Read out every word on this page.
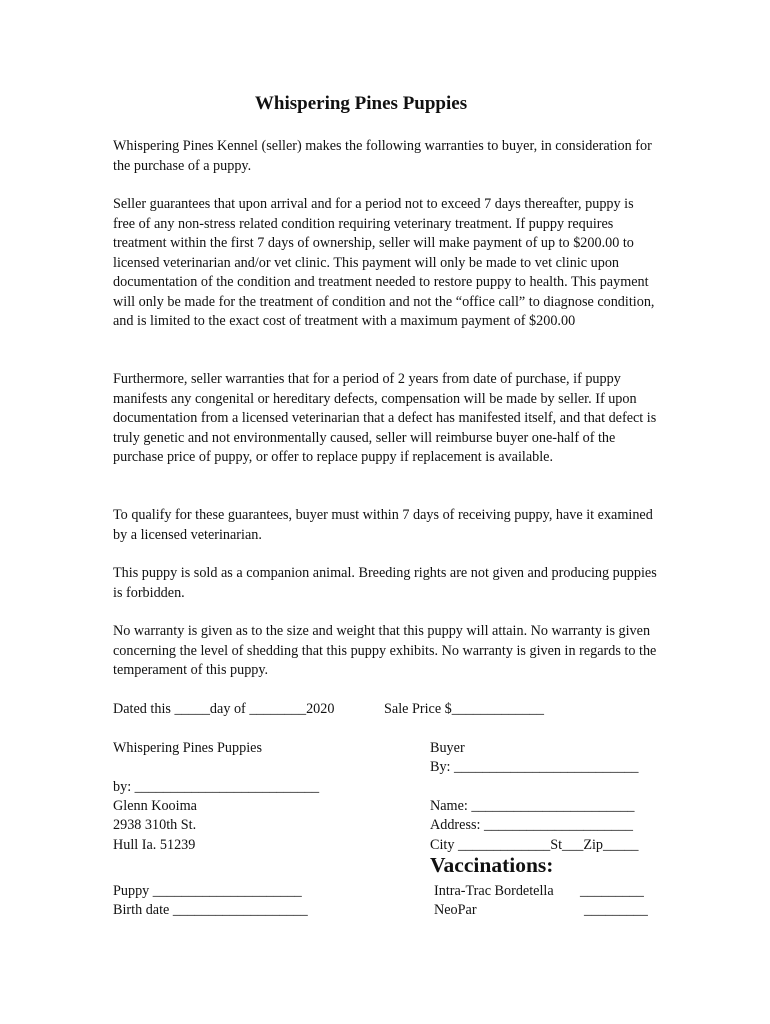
Whispering Pines Puppies

Whispering Pines Kennel (seller) makes the following warranties to buyer, in consideration for the purchase of a puppy.

Seller guarantees that upon arrival and for a period not to exceed 7 days thereafter, puppy is free of any non-stress related condition requiring veterinary treatment. If puppy requires treatment within the first 7 days of ownership, seller will make payment of up to $200.00 to licensed veterinarian and/or vet clinic. This payment will only be made to vet clinic upon documentation of the condition and treatment needed to restore puppy to health. This payment will only be made for the treatment of condition and not the “office call” to diagnose condition, and is limited to the exact cost of treatment with a maximum payment of $200.00

Furthermore, seller warranties that for a period of 2 years from date of purchase, if puppy manifests any congenital or hereditary defects, compensation will be made by seller. If upon documentation from a licensed veterinarian that a defect has manifested itself, and that defect is truly genetic and not environmentally caused, seller will reimburse buyer one-half of the purchase price of puppy, or offer to replace puppy if replacement is available.

To qualify for these guarantees, buyer must within 7 days of receiving puppy, have it examined by a licensed veterinarian.

This puppy is sold as a companion animal. Breeding rights are not given and producing puppies is forbidden.

No warranty is given as to the size and weight that this puppy will attain. No warranty is given concerning the level of shedding that this puppy exhibits. No warranty is given in regards to the temperament of this puppy.

Dated this _____day of ________2020	Sale Price $_____________
Whispering Pines Puppies	Buyer
By: __________________________
by: __________________________
Glenn Kooima	Name: _______________________
2938 310th St.	Address: _____________________
Hull Ia. 51239	City _____________St___Zip_____
Vaccinations:
Puppy _____________________	Intra-Trac Bordetella _________
Birth date ___________________	NeoPar	_________
